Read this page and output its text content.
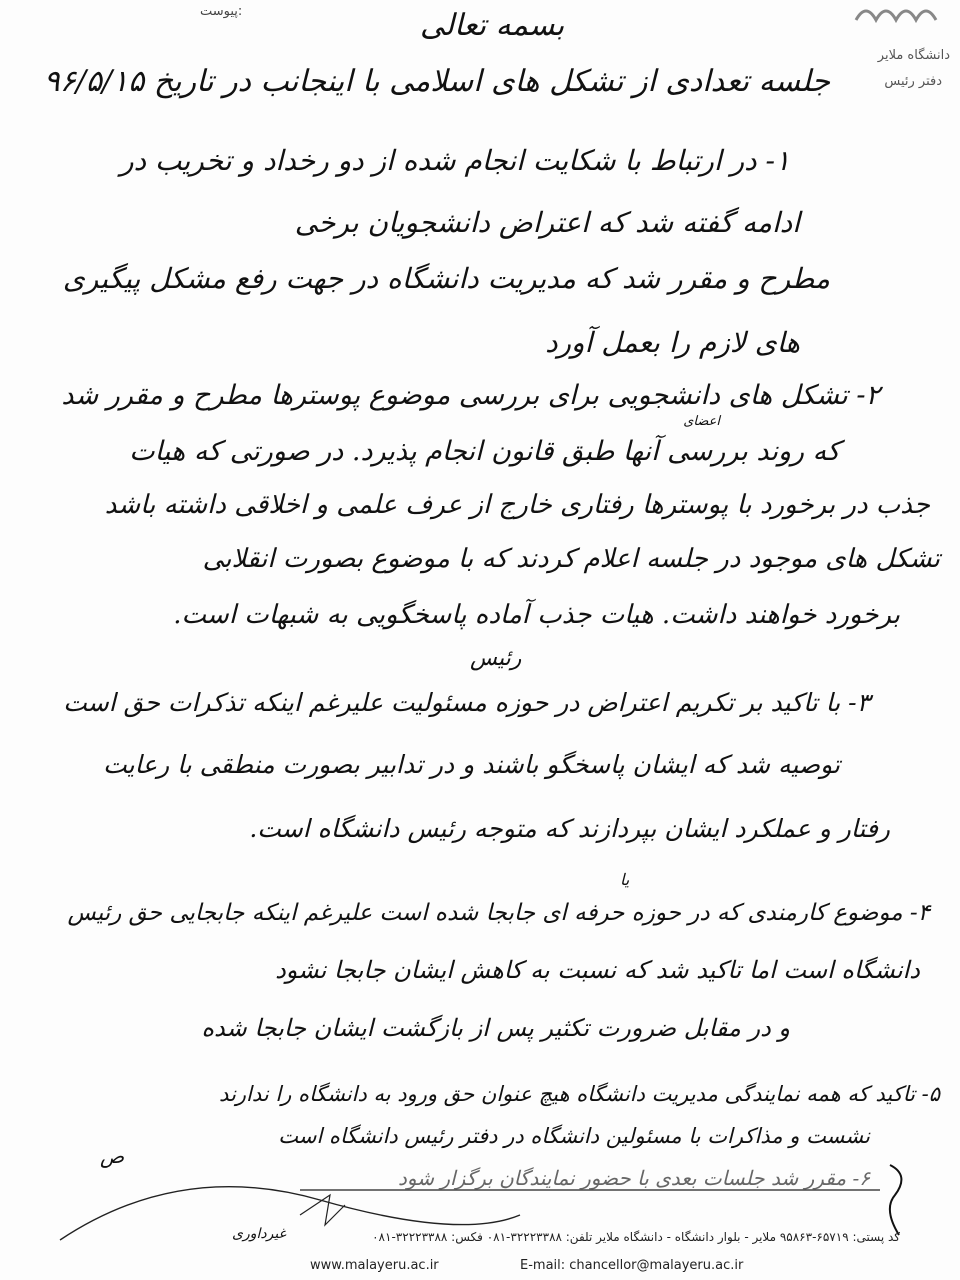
دانشگاه ملایر
دفتر رئیس
پیوست:	بسمه تعالی
جلسه تعدادی از تشکل های اسلامی با اینجانب در تاریخ ۹۶/۵/۱۵
۱- در ارتباط با شکایت انجام شده از دو رخداد و تخریب در
ادامه گفته شد که اعتراض دانشجویان برخی
مطرح و مقرر شد که مدیریت دانشگاه در جهت رفع مشکل پیگیری
های لازم را بعمل آورد
۲- تشکل های دانشجویی برای بررسی موضوع پوسترها مطرح و مقرر شد
اعضای
که روند بررسی آنها طبق قانون انجام پذیرد. در صورتی که هیات
جذب در برخورد با پوسترها رفتاری خارج از عرف علمی و اخلاقی داشته باشد
تشکل های موجود در جلسه اعلام کردند که با موضوع بصورت انقلابی
برخورد خواهند داشت. هیات جذب آماده پاسخگویی به شبهات است.
رئیس
۳- با تاکید بر تکریم اعتراض در حوزه مسئولیت علیرغم اینکه تذکرات حق است
توصیه شد که ایشان پاسخگو باشند و در تدابیر بصورت منطقی با رعایت
رفتار و عملکرد ایشان بپردازند که متوجه رئیس دانشگاه است.
یا
۴- موضوع کارمندی که در حوزه حرفه ای جابجا شده است علیرغم اینکه جابجایی حق رئیس
دانشگاه است اما تاکید شد که نسبت به کاهش ایشان جابجا نشود
و در مقابل ضرورت تکثیر پس از بازگشت ایشان جابجا شده
۵- تاکید که همه نمایندگی مدیریت دانشگاه هیچ عنوان حق ورود به دانشگاه را ندارند
نشست و مذاکرات با مسئولین دانشگاه در دفتر رئیس دانشگاه است
۶- مقرر شد جلسات بعدی با حضور نمایندگان برگزار شود
ص
غیرداوری	کد پستی: ۶۵۷۱۹-۹۵۸۶۳ ملایر - بلوار دانشگاه - دانشگاه ملایر تلفن: ۳۲۲۲۳۳۸۸-۰۸۱ فکس: ۳۲۲۲۳۳۸۸-۰۸۱
www.malayeru.ac.ir	E-mail: chancellor@malayeru.ac.ir
